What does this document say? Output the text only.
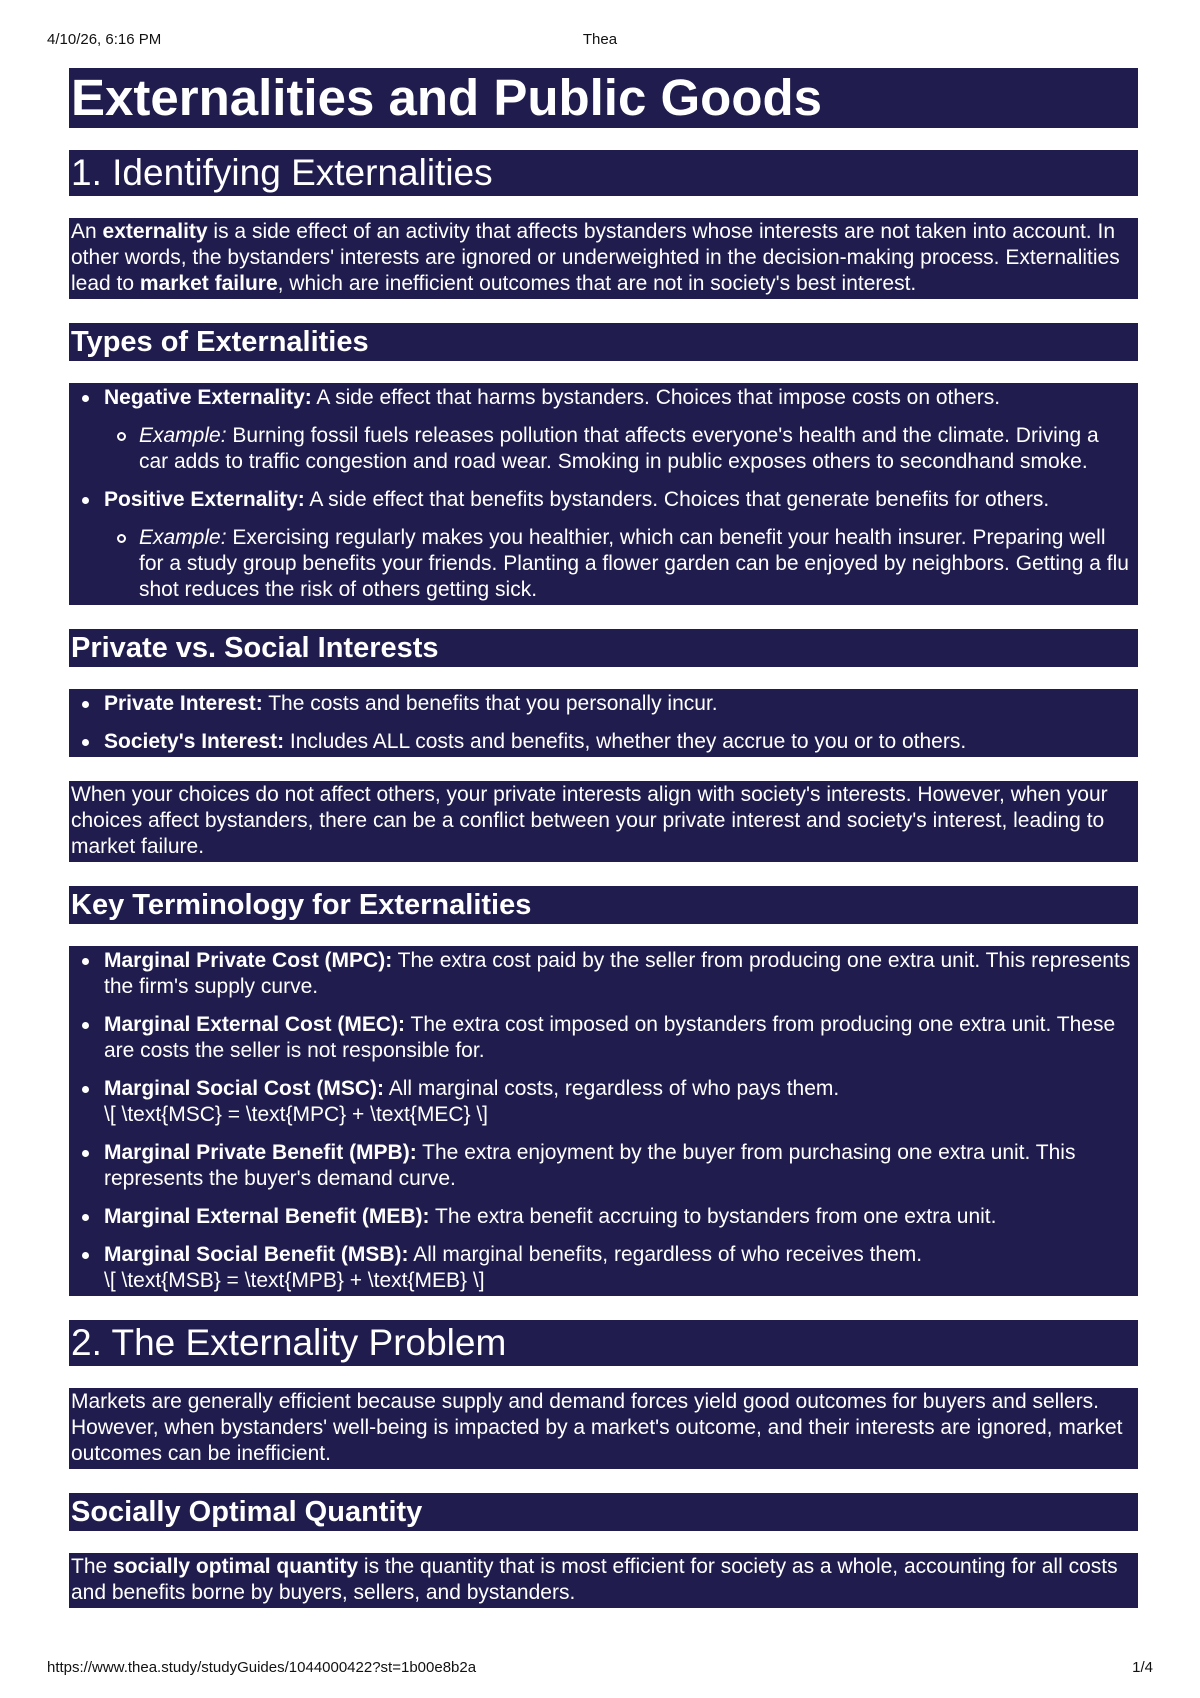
4/10/26, 6:16 PM	Thea
Externalities and Public Goods
1. Identifying Externalities

An externality is a side effect of an activity that affects bystanders whose interests are not taken into account. In other words, the bystanders' interests are ignored or underweighted in the decision-making process. Externalities lead to market failure, which are inefficient outcomes that are not in society's best interest.

Types of Externalities
Negative Externality: A side effect that harms bystanders. Choices that impose costs on others.
Example: Burning fossil fuels releases pollution that affects everyone's health and the climate. Driving a car adds to traffic congestion and road wear. Smoking in public exposes others to secondhand smoke.
Positive Externality: A side effect that benefits bystanders. Choices that generate benefits for others.
Example: Exercising regularly makes you healthier, which can benefit your health insurer. Preparing well for a study group benefits your friends. Planting a flower garden can be enjoyed by neighbors. Getting a flu shot reduces the risk of others getting sick.
Private vs. Social Interests
Private Interest: The costs and benefits that you personally incur.
Society's Interest: Includes ALL costs and benefits, whether they accrue to you or to others.

When your choices do not affect others, your private interests align with society's interests. However, when your choices affect bystanders, there can be a conflict between your private interest and society's interest, leading to market failure.

Key Terminology for Externalities
Marginal Private Cost (MPC): The extra cost paid by the seller from producing one extra unit. This represents the firm's supply curve.
Marginal External Cost (MEC): The extra cost imposed on bystanders from producing one extra unit. These are costs the seller is not responsible for.
Marginal Social Cost (MSC): All marginal costs, regardless of who pays them.
\[ \text{MSC} = \text{MPC} + \text{MEC} \]
Marginal Private Benefit (MPB): The extra enjoyment by the buyer from purchasing one extra unit. This represents the buyer's demand curve.
Marginal External Benefit (MEB): The extra benefit accruing to bystanders from one extra unit.
Marginal Social Benefit (MSB): All marginal benefits, regardless of who receives them.
\[ \text{MSB} = \text{MPB} + \text{MEB} \]
2. The Externality Problem

Markets are generally efficient because supply and demand forces yield good outcomes for buyers and sellers. However, when bystanders' well-being is impacted by a market's outcome, and their interests are ignored, market outcomes can be inefficient.

Socially Optimal Quantity

The socially optimal quantity is the quantity that is most efficient for society as a whole, accounting for all costs and benefits borne by buyers, sellers, and bystanders.

https://www.thea.study/studyGuides/1044000422?st=1b00e8b2a	1/4
